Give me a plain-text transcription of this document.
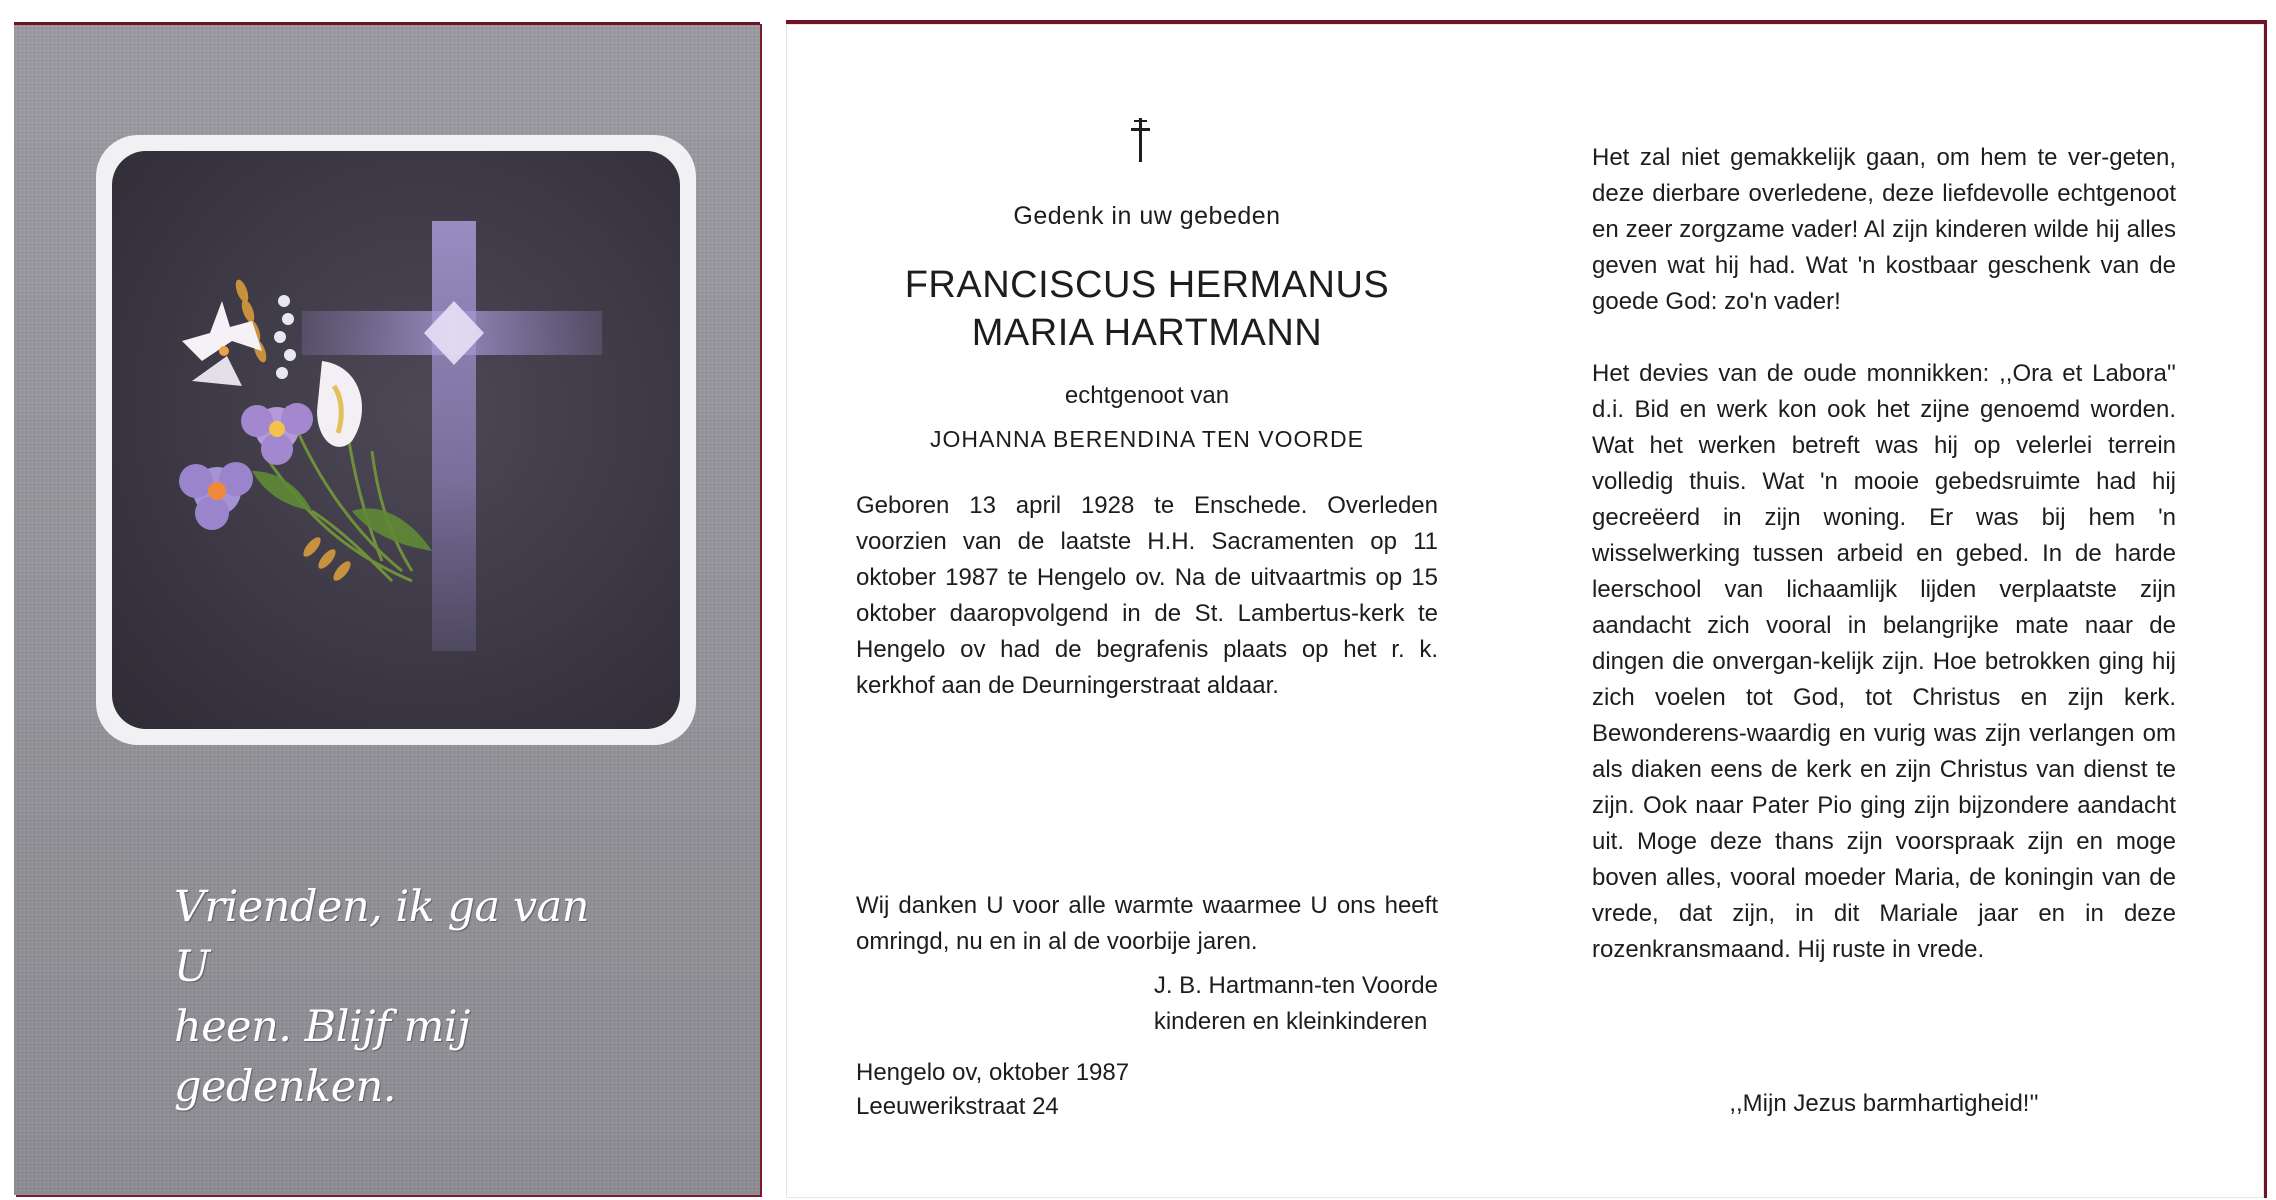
Vrienden, ik ga van U
heen. Blijf mij gedenken.
Gedenk in uw gebeden
FRANCISCUS HERMANUS
MARIA HARTMANN
echtgenoot van
JOHANNA BERENDINA TEN VOORDE
Geboren 13 april 1928 te Enschede. Overleden voorzien van de laatste H.H. Sacramenten op 11 oktober 1987 te Hengelo ov. Na de uitvaartmis op 15 oktober daaropvolgend in de St. Lambertus-kerk te Hengelo ov had de begrafenis plaats op het r. k. kerkhof aan de Deurningerstraat aldaar.
Wij danken U voor alle warmte waarmee U ons heeft omringd, nu en in al de voorbije jaren.
J. B. Hartmann-ten Voorde
kinderen en kleinkinderen
Hengelo ov, oktober 1987
Leeuwerikstraat 24

Het zal niet gemakkelijk gaan, om hem te ver-geten, deze dierbare overledene, deze liefdevolle echtgenoot en zeer zorgzame vader! Al zijn kinderen wilde hij alles geven wat hij had. Wat 'n kostbaar geschenk van de goede God: zo'n vader!

Het devies van de oude monnikken: ,,Ora et Labora'' d.i. Bid en werk kon ook het zijne genoemd worden. Wat het werken betreft was hij op velerlei terrein volledig thuis. Wat 'n mooie gebedsruimte had hij gecreëerd in zijn woning. Er was bij hem 'n wisselwerking tussen arbeid en gebed. In de harde leerschool van lichaamlijk lijden verplaatste zijn aandacht zich vooral in belangrijke mate naar de dingen die onvergan-kelijk zijn. Hoe betrokken ging hij zich voelen tot God, tot Christus en zijn kerk. Bewonderens-waardig en vurig was zijn verlangen om als diaken eens de kerk en zijn Christus van dienst te zijn. Ook naar Pater Pio ging zijn bijzondere aandacht uit. Moge deze thans zijn voorspraak zijn en moge boven alles, vooral moeder Maria, de koningin van de vrede, dat zijn, in dit Mariale jaar en in deze rozenkransmaand. Hij ruste in vrede.

,,Mijn Jezus barmhartigheid!''
